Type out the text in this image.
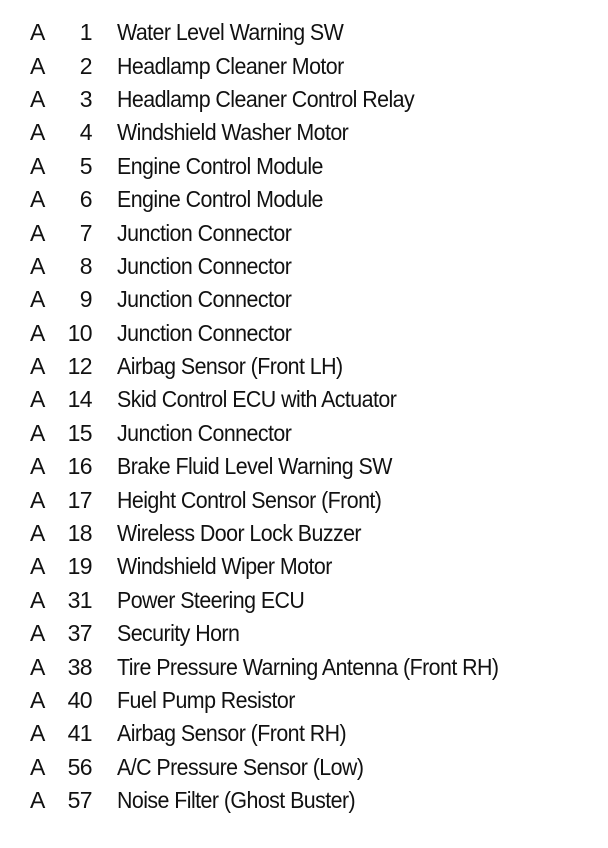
A	1 Water Level Warning SW
A	2 Headlamp Cleaner Motor
A	3 Headlamp Cleaner Control Relay
A	4 Windshield Washer Motor
A	5 Engine Control Module
A	6 Engine Control Module
A	7 Junction Connector
A	8 Junction Connector
A	9 Junction Connector
A 10 Junction Connector
A 12 Airbag Sensor (Front LH)
A 14 Skid Control ECU with Actuator
A 15 Junction Connector
A 16 Brake Fluid Level Warning SW
A 17 Height Control Sensor (Front)
A 18 Wireless Door Lock Buzzer
A 19 Windshield Wiper Motor
A 31 Power Steering ECU
A 37 Security Horn
A 38 Tire Pressure Warning Antenna (Front RH)
A 40 Fuel Pump Resistor
A 41 Airbag Sensor (Front RH)
A 56 A/C Pressure Sensor (Low)
A 57 Noise Filter (Ghost Buster)
